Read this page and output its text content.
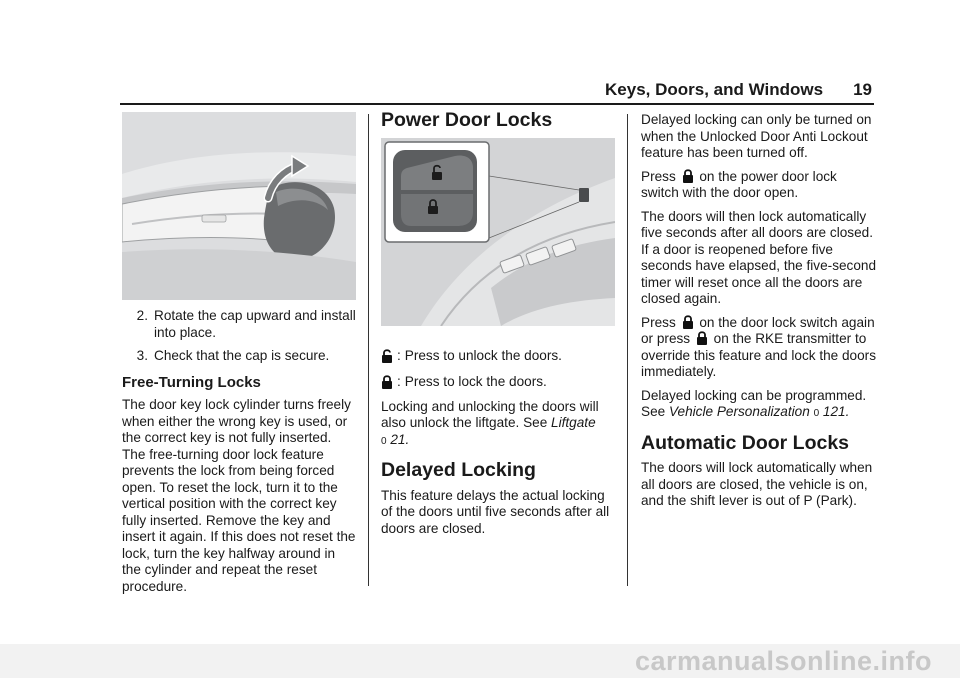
Keys, Doors, and Windows 19
2. Rotate the cap upward and install into place.
3. Check that the cap is secure.
Free-Turning Locks

The door key lock cylinder turns freely when either the wrong key is used, or the correct key is not fully inserted. The free-turning door lock feature prevents the lock from being forced open. To reset the lock, turn it to the vertical position with the correct key fully inserted. Remove the key and insert it again. If this does not reset the lock, turn the key halfway around in the cylinder and repeat the reset procedure.

Power Door Locks
: Press to unlock the doors.
: Press to lock the doors.

Locking and unlocking the doors will also unlock the liftgate. See Liftgate
0 21.

Delayed Locking

This feature delays the actual locking of the doors until five seconds after all doors are closed.

Delayed locking can only be turned on when the Unlocked Door Anti Lockout feature has been turned off.

Press on the power door lock switch with the door open.

The doors will then lock automatically five seconds after all doors are closed. If a door is reopened before five seconds have elapsed, the five-second timer will reset once all the doors are closed again.

Press on the door lock switch again or press on the RKE transmitter to override this feature and lock the doors immediately.

Delayed locking can be programmed. See Vehicle Personalization 0 121.

Automatic Door Locks

The doors will lock automatically when all doors are closed, the vehicle is on, and the shift lever is out of P (Park).

carmanualsonline.info
